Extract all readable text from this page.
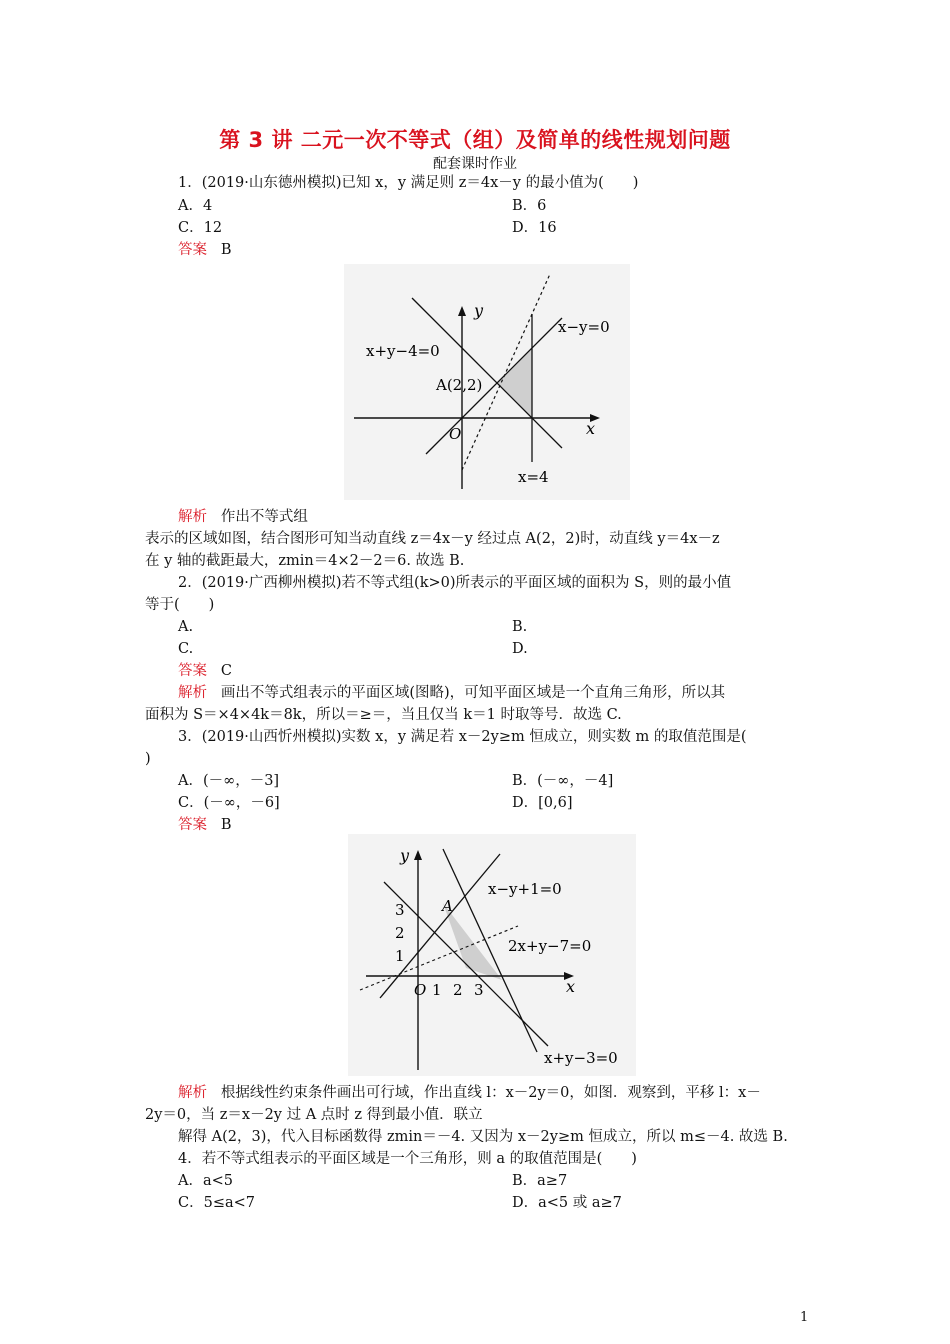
第 3 讲 二元一次不等式（组）及简单的线性规划问题
配套课时作业
1．(2019·山东德州模拟)已知 x，y 满足则 z＝4x－y 的最小值为(　　)
A．4	B．6
C．12	D．16
答案 B
y
x
O
x+y−4=0
x−y=0
A(2,2)
x=4
解析 作出不等式组
表示的区域如图，结合图形可知当动直线 z＝4x－y 经过点 A(2，2)时，动直线 y＝4x－z
在 y 轴的截距最大，zmin＝4×2－2＝6. 故选 B.
2．(2019·广西柳州模拟)若不等式组(k>0)所表示的平面区域的面积为 S，则的最小值
等于(　　)
A.	B.
C.	D.
答案 C
解析 画出不等式组表示的平面区域(图略)，可知平面区域是一个直角三角形，所以其
面积为 S＝×4×4k＝8k，所以＝≥＝，当且仅当 k＝1 时取等号．故选 C.
3．(2019·山西忻州模拟)实数 x，y 满足若 x－2y≥m 恒成立，则实数 m 的取值范围是(
)
A．(－∞，－3]	B．(－∞，－4]
C．(－∞，－6]	D．[0,6]
答案 B
y
x
O 1 2 3
1
2
3 A
x−y+1=0
2x+y−7=0
x+y−3=0
解析 根据线性约束条件画出可行域，作出直线 l：x－2y＝0，如图．观察到，平移 l：x－
2y＝0，当 z＝x－2y 过 A 点时 z 得到最小值．联立
解得 A(2，3)，代入目标函数得 zmin＝－4. 又因为 x－2y≥m 恒成立，所以 m≤－4. 故选 B.
4．若不等式组表示的平面区域是一个三角形，则 a 的取值范围是(　　)
A．a<5	B．a≥7
C．5≤a<7	D．a<5 或 a≥7
1
